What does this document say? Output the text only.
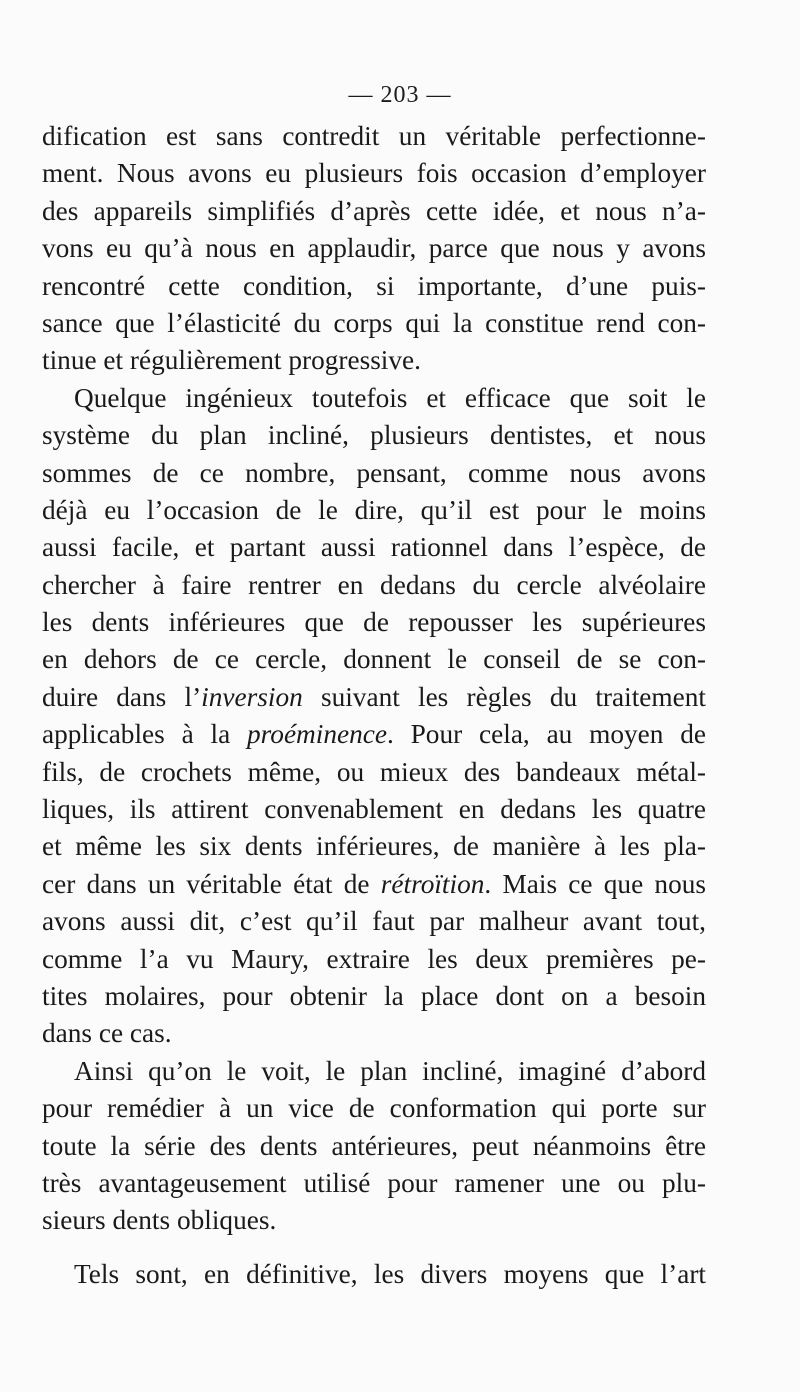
— 203 —
dification est sans contredit un véritable perfectionne-
ment. Nous avons eu plusieurs fois occasion d’employer
des appareils simplifiés d’après cette idée, et nous n’a-
vons eu qu’à nous en applaudir, parce que nous y avons
rencontré cette condition, si importante, d’une puis-
sance que l’élasticité du corps qui la constitue rend con-
tinue et régulièrement progressive.
Quelque ingénieux toutefois et efficace que soit le
système du plan incliné, plusieurs dentistes, et nous
sommes de ce nombre, pensant, comme nous avons
déjà eu l’occasion de le dire, qu’il est pour le moins
aussi facile, et partant aussi rationnel dans l’espèce, de
chercher à faire rentrer en dedans du cercle alvéolaire
les dents inférieures que de repousser les supérieures
en dehors de ce cercle, donnent le conseil de se con-
duire dans l’inversion suivant les règles du traitement
applicables à la proéminence. Pour cela, au moyen de
fils, de crochets même, ou mieux des bandeaux métal-
liques, ils attirent convenablement en dedans les quatre
et même les six dents inférieures, de manière à les pla-
cer dans un véritable état de rétroïtion. Mais ce que nous
avons aussi dit, c’est qu’il faut par malheur avant tout,
comme l’a vu Maury, extraire les deux premières pe-
tites molaires, pour obtenir la place dont on a besoin
dans ce cas.
Ainsi qu’on le voit, le plan incliné, imaginé d’abord
pour remédier à un vice de conformation qui porte sur
toute la série des dents antérieures, peut néanmoins être
très avantageusement utilisé pour ramener une ou plu-
sieurs dents obliques.
Tels sont, en définitive, les divers moyens que l’art
